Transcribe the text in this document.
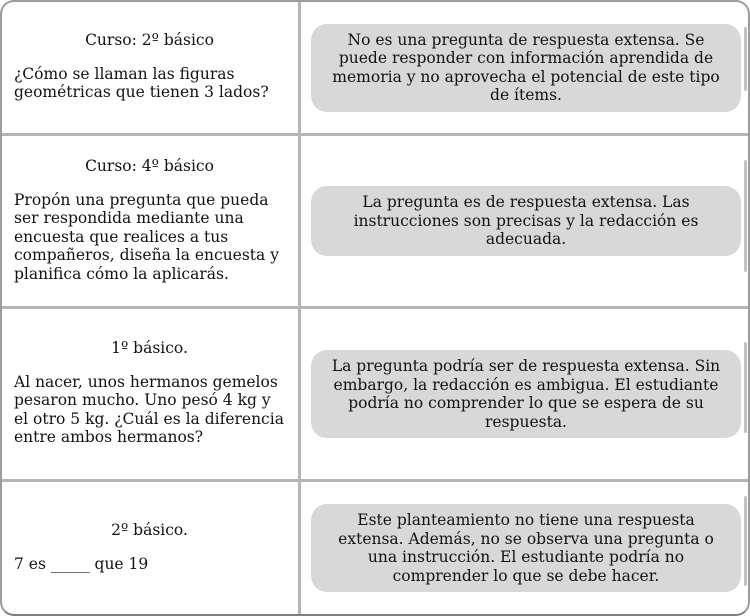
Curso: 2º básico
¿Cómo se llaman las figuras geométricas que tienen 3 lados?
No es una pregunta de respuesta extensa. Se puede responder con información aprendida de memoria y no aprovecha el potencial de este tipo de ítems.
Curso: 4º básico
Propón una pregunta que pueda ser respondida mediante una encuesta que realices a tus compañeros, diseña la encuesta y planifica cómo la aplicarás.
La pregunta es de respuesta extensa. Las instrucciones son precisas y la redacción es adecuada.
1º básico.
Al nacer, unos hermanos gemelos pesaron mucho. Uno pesó 4 kg y el otro 5 kg. ¿Cuál es la diferencia entre ambos hermanos?
La pregunta podría ser de respuesta extensa. Sin embargo, la redacción es ambigua. El estudiante podría no comprender lo que se espera de su respuesta.
2º básico.
7 es _____ que 19
Este planteamiento no tiene una respuesta extensa. Además, no se observa una pregunta o una instrucción. El estudiante podría no comprender lo que se debe hacer.
